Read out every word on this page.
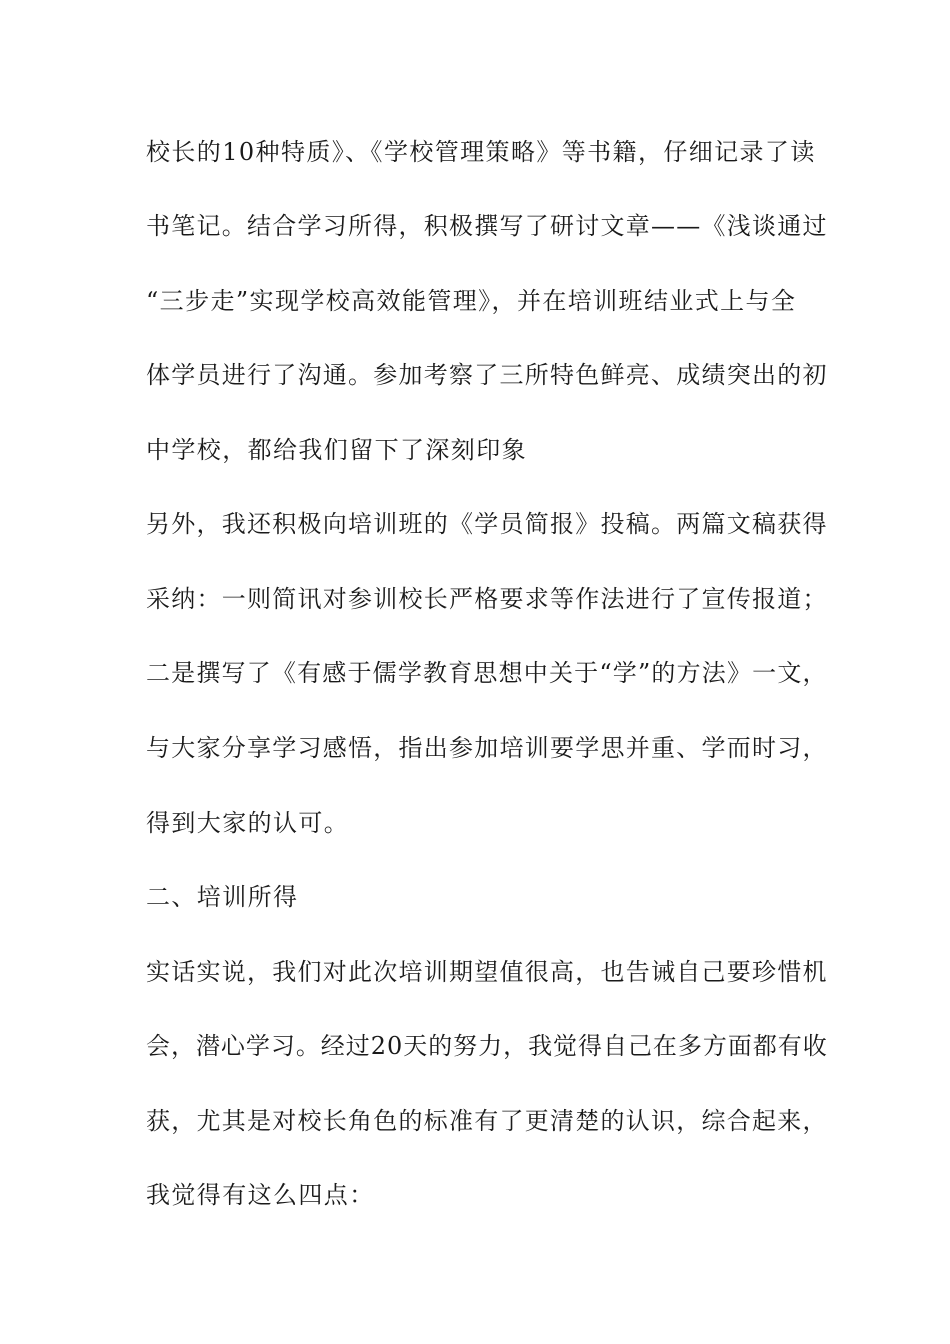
校长的10种特质》、《学校管理策略》等书籍，仔细记录了读
书笔记。结合学习所得，积极撰写了研讨文章——《浅谈通过
“三步走”实现学校高效能管理》，并在培训班结业式上与全
体学员进行了沟通。参加考察了三所特色鲜亮、成绩突出的初
中学校，都给我们留下了深刻印象
另外，我还积极向培训班的《学员简报》投稿。两篇文稿获得
采纳：一则简讯对参训校长严格要求等作法进行了宣传报道；
二是撰写了《有感于儒学教育思想中关于“学”的方法》一文，
与大家分享学习感悟，指出参加培训要学思并重、学而时习，
得到大家的认可。
二、培训所得
实话实说，我们对此次培训期望值很高，也告诫自己要珍惜机
会，潜心学习。经过20天的努力，我觉得自己在多方面都有收
获，尤其是对校长角色的标准有了更清楚的认识，综合起来，
我觉得有这么四点：
